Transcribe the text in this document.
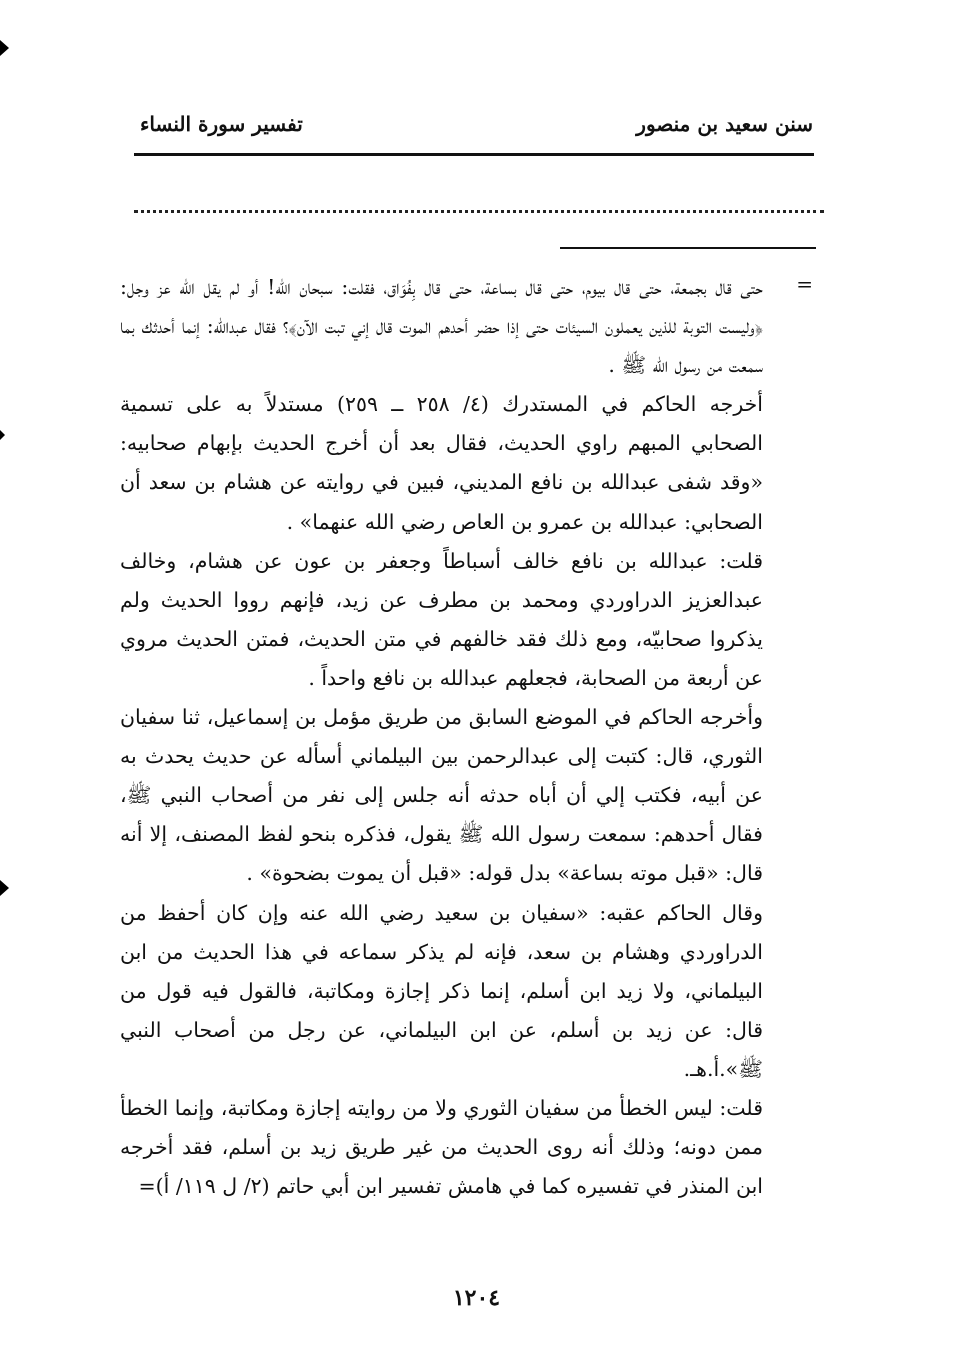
سنن سعيد بن منصور
تفسير سورة النساء
=

حتى قال بجمعة، حتى قال بيوم، حتى قال بساعة، حتى قال بِفُوَاق، فقلت: سبحان الله! أو لم يقل الله عز وجل: ﴿وليست التوبة للذين يعملون السيئات حتى إذا حضر أحدهم الموت قال إني تبت الآن﴾؟ فقال عبدالله: إنما أحدثك بما سمعت من رسول الله ﷺ .

أخرجه الحاكم في المستدرك (٤/ ٢٥٨ ــ ٢٥٩) مستدلاً به على تسمية الصحابي المبهم راوي الحديث، فقال بعد أن أخرج الحديث بإبهام صحابيه: «وقد شفى عبدالله بن نافع المديني، فبين في روايته عن هشام بن سعد أن الصحابي: عبدالله بن عمرو بن العاص رضي الله عنهما» .

قلت: عبدالله بن نافع خالف أسباطاً وجعفر بن عون عن هشام، وخالف عبدالعزيز الدراوردي ومحمد بن مطرف عن زيد، فإنهم رووا الحديث ولم يذكروا صحابيّه، ومع ذلك فقد خالفهم في متن الحديث، فمتن الحديث مروي عن أربعة من الصحابة، فجعلهم عبدالله بن نافع واحداً .

وأخرجه الحاكم في الموضع السابق من طريق مؤمل بن إسماعيل، ثنا سفيان الثوري، قال: كتبت إلى عبدالرحمن بين البيلماني أسأله عن حديث يحدث به عن أبيه، فكتب إلي أن أباه حدثه أنه جلس إلى نفر من أصحاب النبي ﷺ، فقال أحدهم: سمعت رسول الله ﷺ يقول، فذكره بنحو لفظ المصنف، إلا أنه قال: «قبل موته بساعة» بدل قوله: «قبل أن يموت بضحوة» .

وقال الحاكم عقبه: «سفيان بن سعيد رضي الله عنه وإن كان أحفظ من الدراوردي وهشام بن سعد، فإنه لم يذكر سماعه في هذا الحديث من ابن البيلماني، ولا زيد ابن أسلم، إنما ذكر إجازة ومكاتبة، فالقول فيه قول من قال: عن زيد بن أسلم، عن ابن البيلماني، عن رجل من أصحاب النبي ﷺ».أ.هـ.

قلت: ليس الخطأ من سفيان الثوري ولا من روايته إجازة ومكاتبة، وإنما الخطأ ممن دونه؛ وذلك أنه روى الحديث من غير طريق زيد بن أسلم، فقد أخرجه ابن المنذر في تفسيره كما في هامش تفسير ابن أبي حاتم (٢/ ل ١١٩/ أ)=

١٢٠٤
